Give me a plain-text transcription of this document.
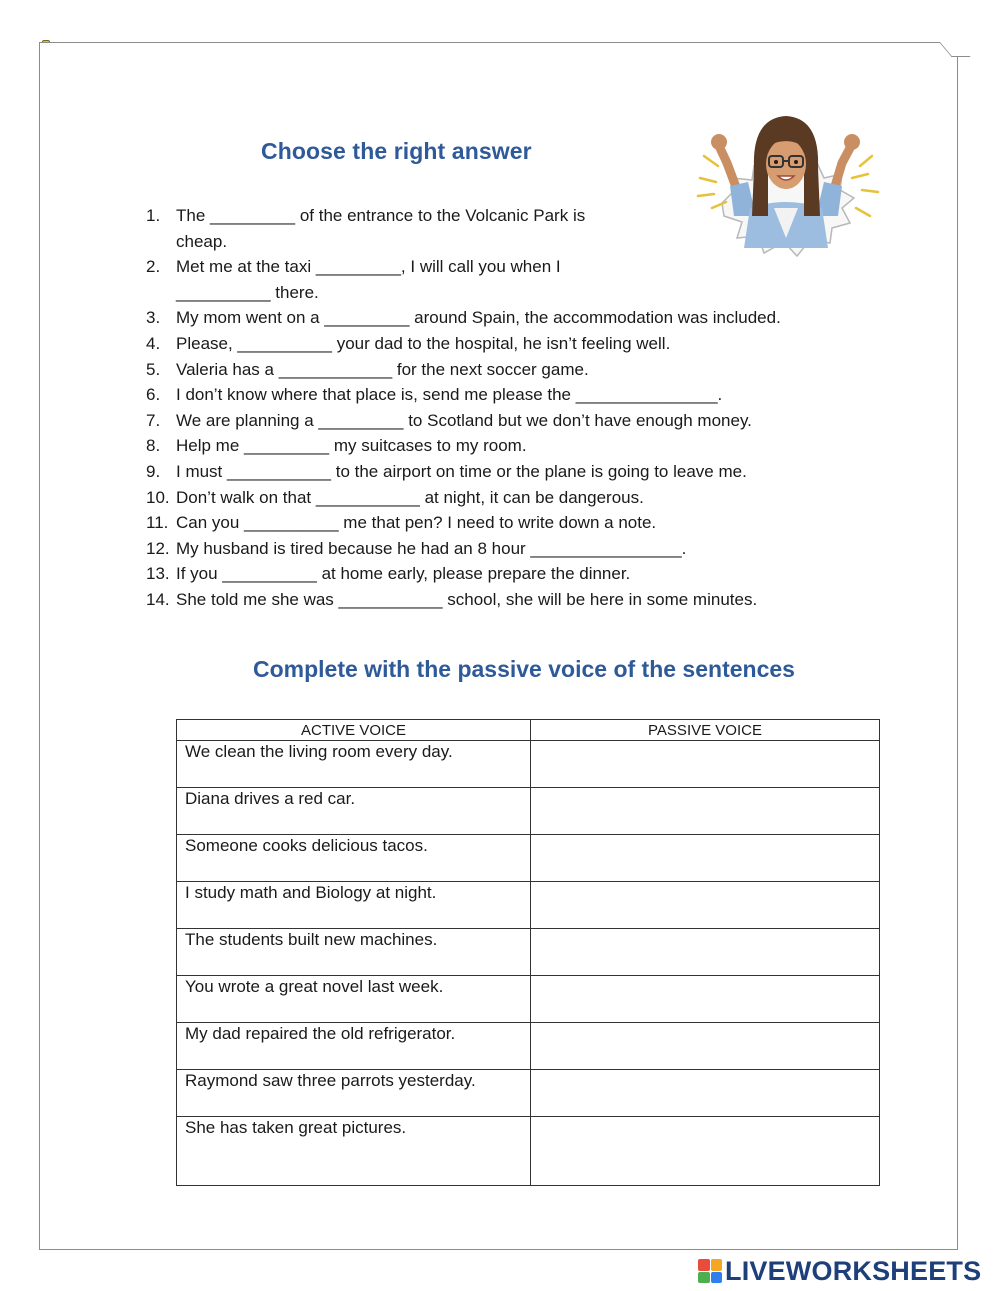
Choose the right answer
1. The _________ of the entrance to the Volcanic Park is cheap.
2. Met me at the taxi _________, I will call you when I __________ there.
3. My mom went on a _________ around Spain, the accommodation was included.
4. Please, __________ your dad to the hospital, he isn’t feeling well.
5. Valeria has a ____________ for the next soccer game.
6. I don’t know where that place is, send me please the _______________.
7. We are planning a _________ to Scotland but we don’t have enough money.
8. Help me _________ my suitcases to my room.
9. I must ___________ to the airport on time or the plane is going to leave me.
10. Don’t walk on that ___________ at night, it can be dangerous.
11. Can you __________ me that pen? I need to write down a note.
12. My husband is tired because he had an 8 hour ________________.
13. If you __________ at home early, please prepare the dinner.
14. She told me she was ___________ school, she will be here in some minutes.
Complete with the passive voice of the sentences
ACTIVE VOICE	PASSIVE VOICE
We clean the living room every day.	
Diana drives a red car.	
Someone cooks delicious tacos.	
I study math and Biology at night.	
The students built new machines.	
You wrote a great novel last week.	
My dad repaired the old refrigerator.	
Raymond saw three parrots yesterday.	
She has taken great pictures.	
LIVEWORKSHEETS
